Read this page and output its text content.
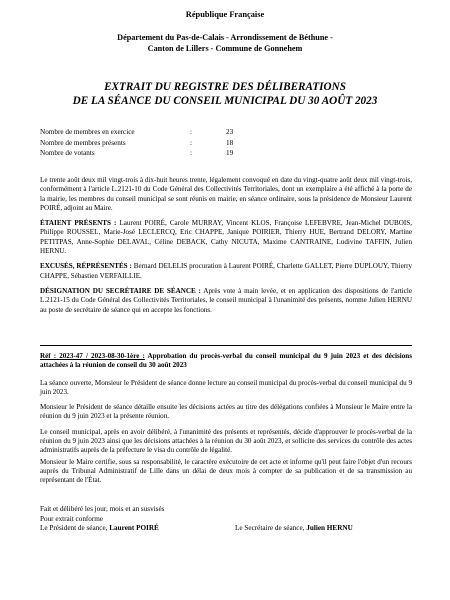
République Française
Département du Pas-de-Calais - Arrondissement de Béthune -
Canton de Lillers - Commune de Gonnehem
EXTRAIT DU REGISTRE DES DÉLIBERATIONS
DE LA SÉANCE DU CONSEIL MUNICIPAL DU 30 AOÛT 2023
Nombre de membres en exercice	:	23
Nombre de membres présents	:	18
Nombre de votants	:	19

Le trente août deux mil vingt-trois à dix-huit heures trente, légalement convoqué en date du vingt-quatre août deux mil vingt-trois, conformément à l'article L.2121-10 du Code Général des Collectivités Territoriales, dont un exemplaire a été affiché à la porte de la mairie, les membres du conseil municipal se sont réunis en mairie, en séance ordinaire, sous la présidence de Monsieur Laurent POIRÉ, adjoint au Maire.

ÉTAIENT PRÉSENTS : Laurent POIRÉ, Carole MURRAY, Vincent KLOS, Françoise LEFEBVRE, Jean-Michel DUBOIS, Philippe ROUSSEL, Marie-José LECLERCQ, Eric CHAPPE, Janique POIRIER, Thierry HUE, Bertrand DELORY, Martine PETITPAS, Anne-Sophie DELAVAL, Céline DEBACK, Cathy NICUTA, Maxime CANTRAINE, Ludivine TAFFIN, Julien HERNU.

EXCUSÉS, RÉPRÉSENTÉS : Bernard DELELIS procuration à Laurent POIRÉ, Charlette GALLET, Pierre DUPLOUY, Thierry CHAPPE, Sébastien VERFAILLIE.

DÉSIGNATION DU SECRÉTAIRE DE SÉANCE : Après vote à main levée, et en application des dispositions de l'article L.2121-15 du Code Général des Collectivités Territoriales, le conseil municipal à l'unanimité des présents, nomme Julien HERNU au poste de secrétaire de séance qui en accepte les fonctions.

Réf : 2023-47 / 2023-08-30-1ère : Approbation du procès-verbal du conseil municipal du 9 juin 2023 et des décisions attachées à la réunion de conseil du 30 août 2023

La séance ouverte, Monsieur le Président de séance donne lecture au conseil municipal du procès-verbal du conseil municipal du 9 juin 2023.

Monsieur le Président de séance détaille ensuite les décisions actées au titre des délégations confiées à Monsieur le Maire entre la réunion du 9 juin 2023 et la présente réunion.

Le conseil municipal, après en avoir délibéré, à l'unanimité des présents et représentés, décide d'approuver le procès-verbal de la réunion du 9 juin 2023 ainsi que les décisions attachées à la réunion du 30 août 2023, et sollicite des services du contrôle des actes administratifs auprès de la préfecture le visa du contrôle de légalité.

Monsieur le Maire certifie, sous sa responsabilité, le caractère exécutoire de cet acte et informe qu'il peut faire l'objet d'un recours auprès du Tribunal Administratif de Lille dans un délai de deux mois à compter de sa publication et de sa transmission au représentant de l'État.

Fait et délibéré les jour, mois et an susvisés
Pour extrait conforme
Le Président de séance, Laurent POIRÉ	Le Secrétaire de séance, Julien HERNU
